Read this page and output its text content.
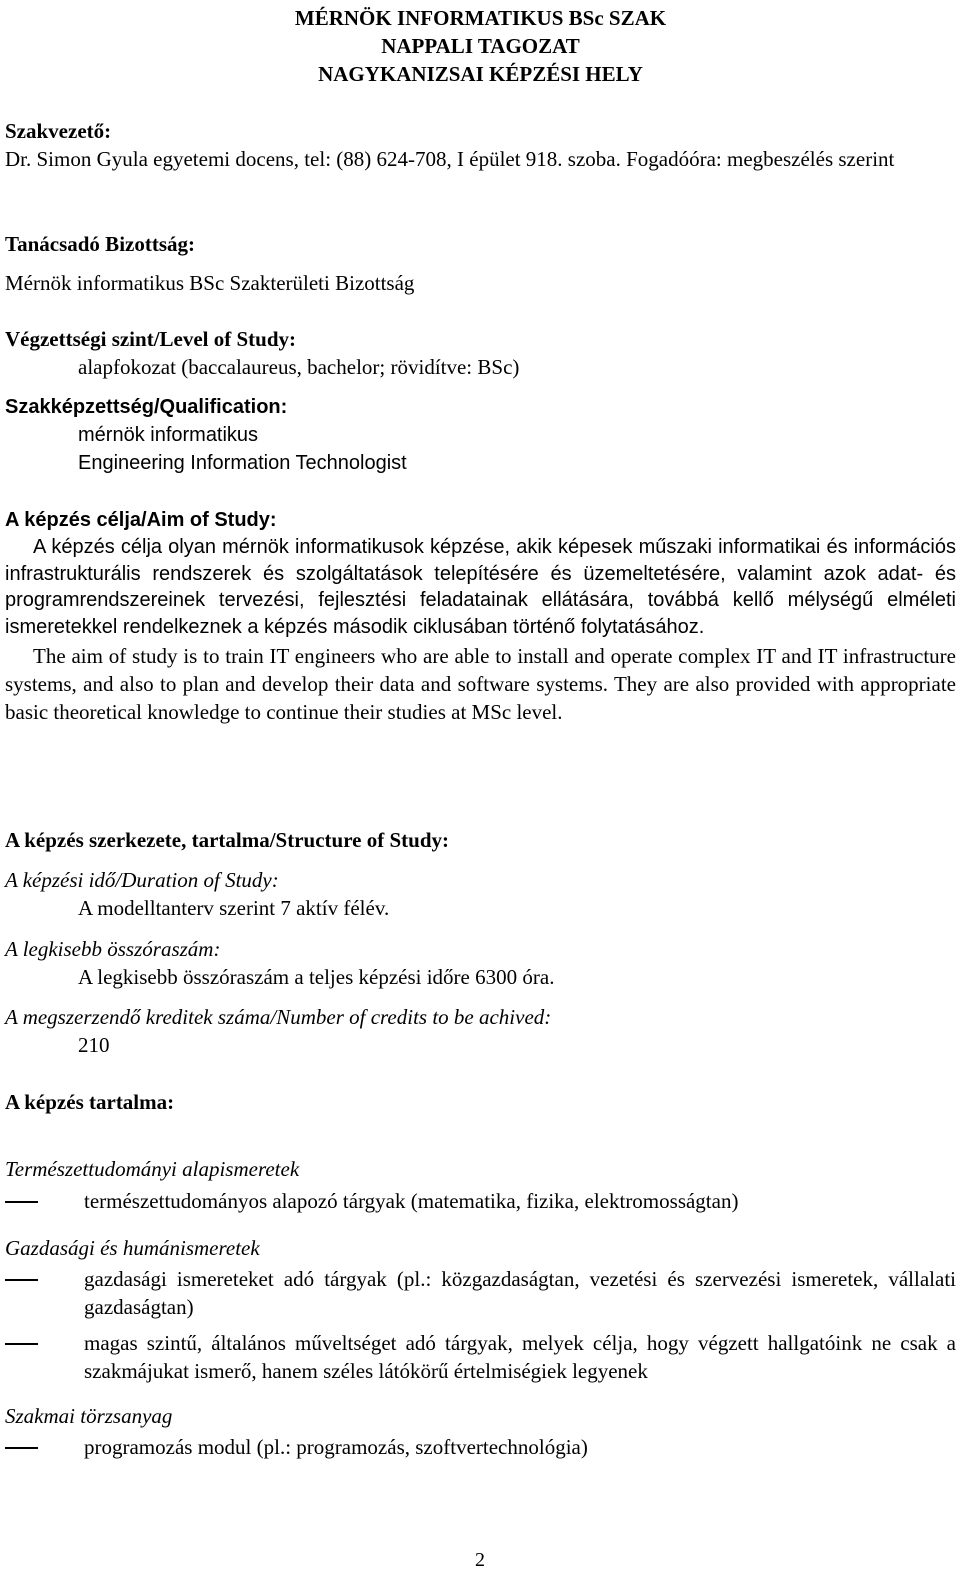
MÉRNÖK INFORMATIKUS BSc SZAK
NAPPALI TAGOZAT
NAGYKANIZSAI KÉPZÉSI HELY
Szakvezető:

Dr. Simon Gyula egyetemi docens, tel: (88) 624-708, I épület 918. szoba. Fogadóóra: megbeszélés szerint

Tanácsadó Bizottság:
Mérnök informatikus BSc Szakterületi Bizottság
Végzettségi szint/Level of Study:
alapfokozat (baccalaureus, bachelor; rövidítve: BSc)
Szakképzettség/Qualification:
mérnök informatikus
Engineering Information Technologist
A képzés célja/Aim of Study:

A képzés célja olyan mérnök informatikusok képzése, akik képesek műszaki informatikai és információs infrastrukturális rendszerek és szolgáltatások telepítésére és üzemeltetésére, valamint azok adat- és programrendszereinek tervezési, fejlesztési feladatainak ellátására, továbbá kellő mélységű elméleti ismeretekkel rendelkeznek a képzés második ciklusában történő folytatásához.

The aim of study is to train IT engineers who are able to install and operate complex IT and IT infrastructure systems, and also to plan and develop their data and software systems. They are also provided with appropriate basic theoretical knowledge to continue their studies at MSc level.

A képzés szerkezete, tartalma/Structure of Study:
A képzési idő/Duration of Study:
A modelltanterv szerint 7 aktív félév.
A legkisebb összóraszám:
A legkisebb összóraszám a teljes képzési időre 6300 óra.
A megszerzendő kreditek száma/Number of credits to be achived:
210
A képzés tartalma:
Természettudományi alapismeretek

természettudományos alapozó tárgyak (matematika, fizika, elektromosságtan)

Gazdasági és humánismeretek

gazdasági ismereteket adó tárgyak (pl.: közgazdaságtan, vezetési és szervezési ismeretek, vállalati gazdaságtan)

magas szintű, általános műveltséget adó tárgyak, melyek célja, hogy végzett hallgatóink ne csak a szakmájukat ismerő, hanem széles látókörű értelmiségiek legyenek

Szakmai törzsanyag

programozás modul (pl.: programozás, szoftvertechnológia)

2
